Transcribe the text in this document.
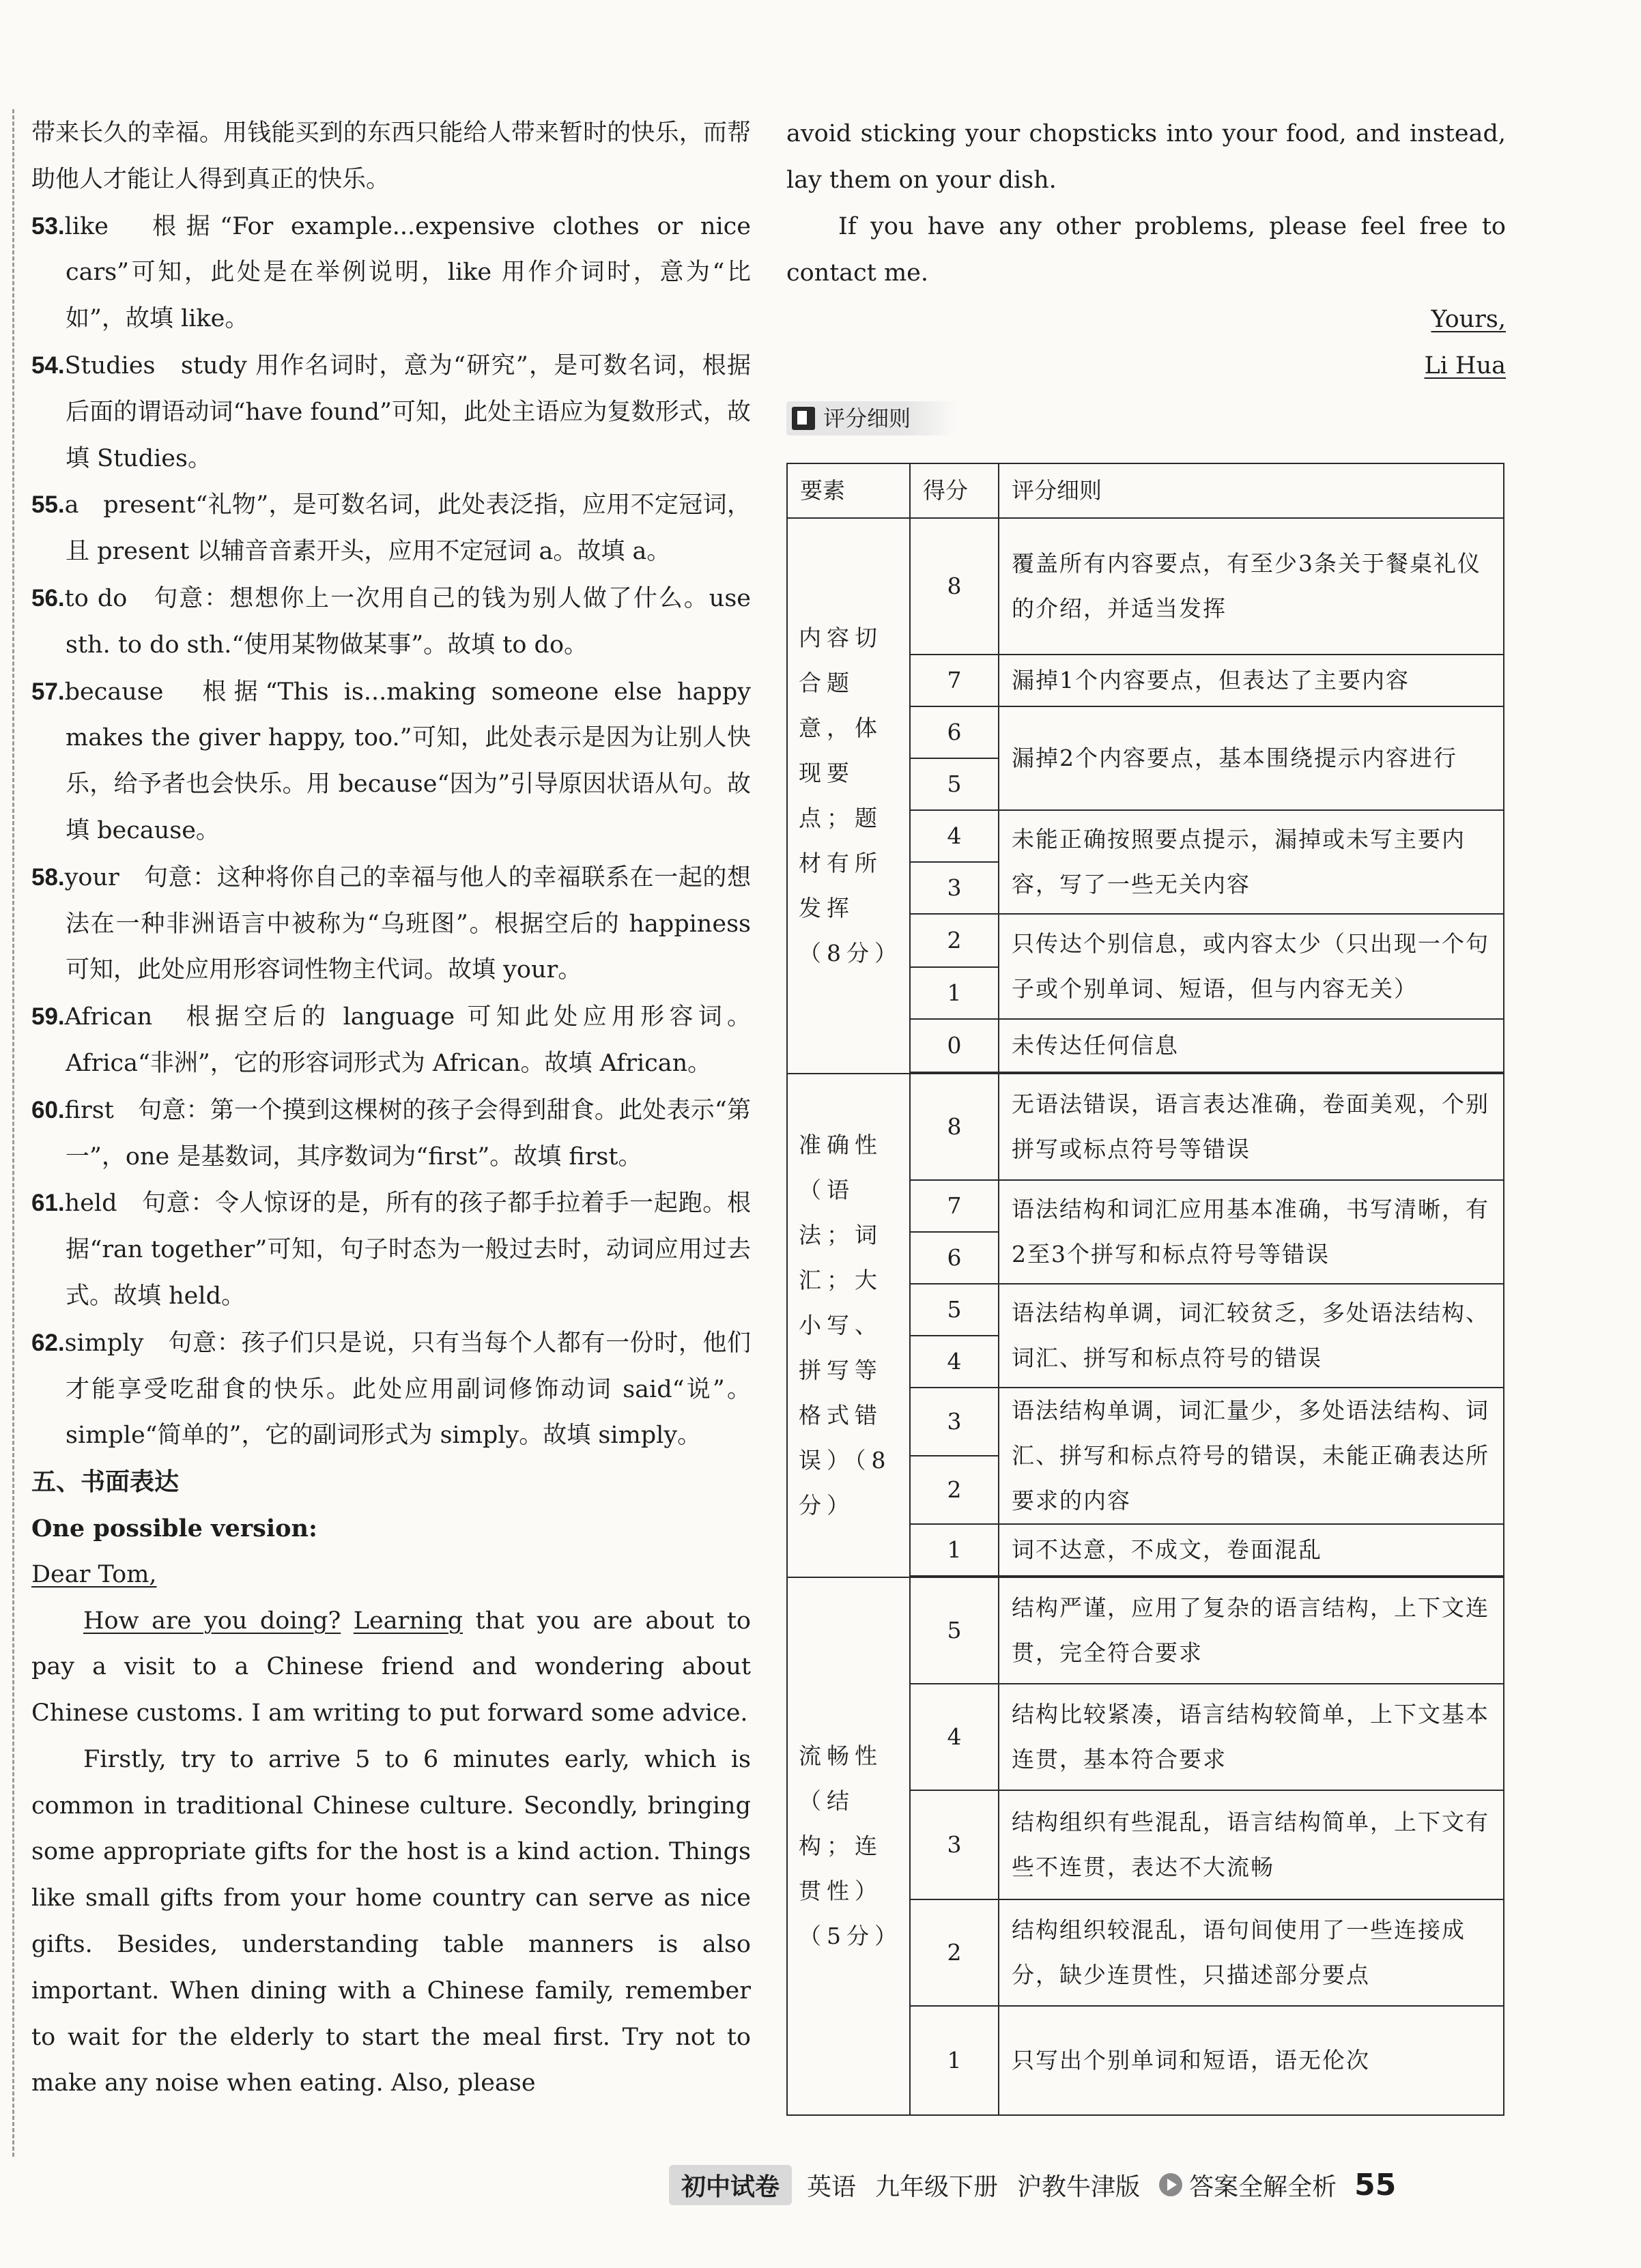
带来长久的幸福。用钱能买到的东西只能给人带来暂时的快乐，而帮助他人才能让人得到真正的快乐。

53.like　根据“For example...expensive clothes or nice cars”可知，此处是在举例说明，like 用作介词时，意为“比如”，故填 like。

54.Studies　study 用作名词时，意为“研究”，是可数名词，根据后面的谓语动词“have found”可知，此处主语应为复数形式，故填 Studies。

55.a　present“礼物”，是可数名词，此处表泛指，应用不定冠词，且 present 以辅音音素开头，应用不定冠词 a。故填 a。

56.to do　句意：想想你上一次用自己的钱为别人做了什么。use sth. to do sth.“使用某物做某事”。故填 to do。

57.because　根据“This is...making someone else happy makes the giver happy, too.”可知，此处表示是因为让别人快乐，给予者也会快乐。用 because“因为”引导原因状语从句。故填 because。

58.your　句意：这种将你自己的幸福与他人的幸福联系在一起的想法在一种非洲语言中被称为“乌班图”。根据空后的 happiness 可知，此处应用形容词性物主代词。故填 your。

59.African　根据空后的 language 可知此处应用形容词。Africa“非洲”，它的形容词形式为 African。故填 African。

60.first　句意：第一个摸到这棵树的孩子会得到甜食。此处表示“第一”，one 是基数词，其序数词为“first”。故填 first。

61.held　句意：令人惊讶的是，所有的孩子都手拉着手一起跑。根据“ran together”可知，句子时态为一般过去时，动词应用过去式。故填 held。

62.simply　句意：孩子们只是说，只有当每个人都有一份时，他们才能享受吃甜食的快乐。此处应用副词修饰动词 said“说”。simple“简单的”，它的副词形式为 simply。故填 simply。

五、书面表达

One possible version:

Dear Tom,

How are you doing? Learning that you are about to pay a visit to a Chinese friend and wondering about Chinese customs. I am writing to put forward some advice.

Firstly, try to arrive 5 to 6 minutes early, which is common in traditional Chinese culture. Secondly, bringing some appropriate gifts for the host is a kind action. Things like small gifts from your home country can serve as nice gifts. Besides, understanding table manners is also important. When dining with a Chinese family, remember to wait for the elderly to start the meal first. Try not to make any noise when eating. Also, please

avoid sticking your chopsticks into your food, and instead, lay them on your dish.

If you have any other problems, please feel free to contact me.

Yours,

Li Hua

评分细则
要素	得分	评分细则
内容切合题意，体现要点；题材有所发挥（8分）	8	覆盖所有内容要点，有至少3条关于餐桌礼仪的介绍，并适当发挥
	7	漏掉1个内容要点，但表达了主要内容
	6	漏掉2个内容要点，基本围绕提示内容进行
	5	
	4	未能正确按照要点提示，漏掉或未写主要内容，写了一些无关内容
	3	
	2	只传达个别信息，或内容太少（只出现一个句子或个别单词、短语，但与内容无关）
	1	
	0	未传达任何信息

准确性（语法；词汇；大小写、拼写等格式错误）（8分）	8	无语法错误，语言表达准确，卷面美观，个别拼写或标点符号等错误
	7	语法结构和词汇应用基本准确，书写清晰，有2至3个拼写和标点符号等错误
	6	
	5	语法结构单调，词汇较贫乏，多处语法结构、词汇、拼写和标点符号的错误
	4	
	3	语法结构单调，词汇量少，多处语法结构、词汇、拼写和标点符号的错误，未能正确表达所要求的内容
	2	
	1	词不达意，不成文，卷面混乱

流畅性（结构；连贯性）（5分）	5	结构严谨，应用了复杂的语言结构，上下文连贯，完全符合要求
	4	结构比较紧凑，语言结构较简单，上下文基本连贯，基本符合要求
	3	结构组织有些混乱，语言结构简单，上下文有些不连贯，表达不大流畅
	2	结构组织较混乱，语句间使用了一些连接成分，缺少连贯性，只描述部分要点
	1	只写出个别单词和短语，语无伦次
初中试卷	英语 九年级下册 沪教牛津版 答案全解全析 55
